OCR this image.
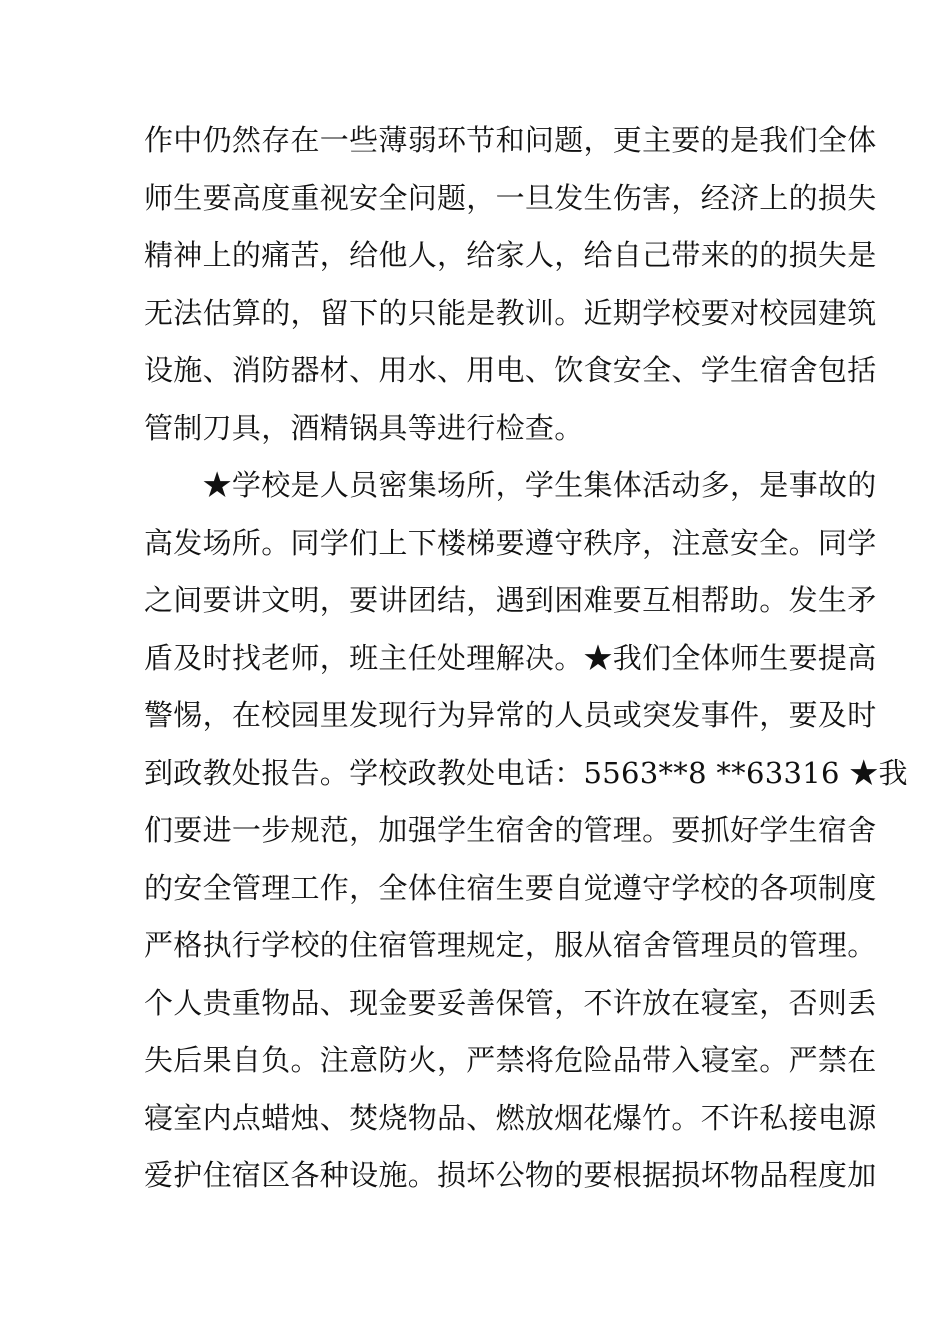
作中仍然存在一些薄弱环节和问题，更主要的是我们全体
师生要高度重视安全问题，一旦发生伤害，经济上的损失
精神上的痛苦，给他人，给家人，给自己带来的的损失是
无法估算的，留下的只能是教训。近期学校要对校园建筑
设施、消防器材、用水、用电、饮食安全、学生宿舍包括
管制刀具，酒精锅具等进行检查。
　　★学校是人员密集场所，学生集体活动多，是事故的
高发场所。同学们上下楼梯要遵守秩序，注意安全。同学
之间要讲文明，要讲团结，遇到困难要互相帮助。发生矛
盾及时找老师，班主任处理解决。★我们全体师生要提高
警惕，在校园里发现行为异常的人员或突发事件，要及时
到政教处报告。学校政教处电话：5563**8 **63316 ★我
们要进一步规范，加强学生宿舍的管理。要抓好学生宿舍
的安全管理工作，全体住宿生要自觉遵守学校的各项制度
严格执行学校的住宿管理规定，服从宿舍管理员的管理。
个人贵重物品、现金要妥善保管，不许放在寝室，否则丢
失后果自负。注意防火，严禁将危险品带入寝室。严禁在
寝室内点蜡烛、焚烧物品、燃放烟花爆竹。不许私接电源
爱护住宿区各种设施。损坏公物的要根据损坏物品程度加
